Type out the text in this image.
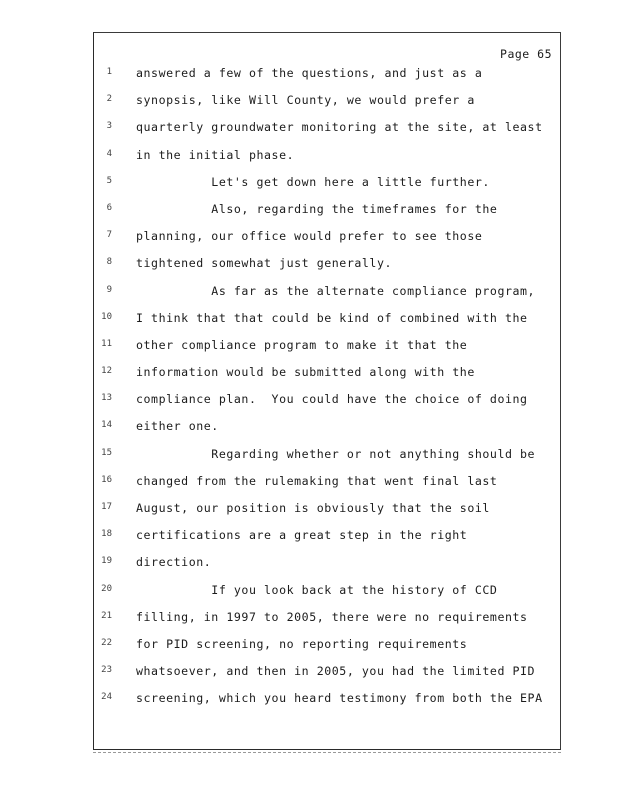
Page 65
1 answered a few of the questions, and just as a
2 synopsis, like Will County, we would prefer a
3 quarterly groundwater monitoring at the site, at least
4 in the initial phase.
5 Let's get down here a little further.
6 Also, regarding the timeframes for the
7 planning, our office would prefer to see those
8 tightened somewhat just generally.
9 As far as the alternate compliance program,
10 I think that that could be kind of combined with the
11 other compliance program to make it that the
12 information would be submitted along with the
13 compliance plan.  You could have the choice of doing
14 either one.
15 Regarding whether or not anything should be
16 changed from the rulemaking that went final last
17 August, our position is obviously that the soil
18 certifications are a great step in the right
19 direction.
20 If you look back at the history of CCD
21 filling, in 1997 to 2005, there were no requirements
22 for PID screening, no reporting requirements
23 whatsoever, and then in 2005, you had the limited PID
24 screening, which you heard testimony from both the EPA
